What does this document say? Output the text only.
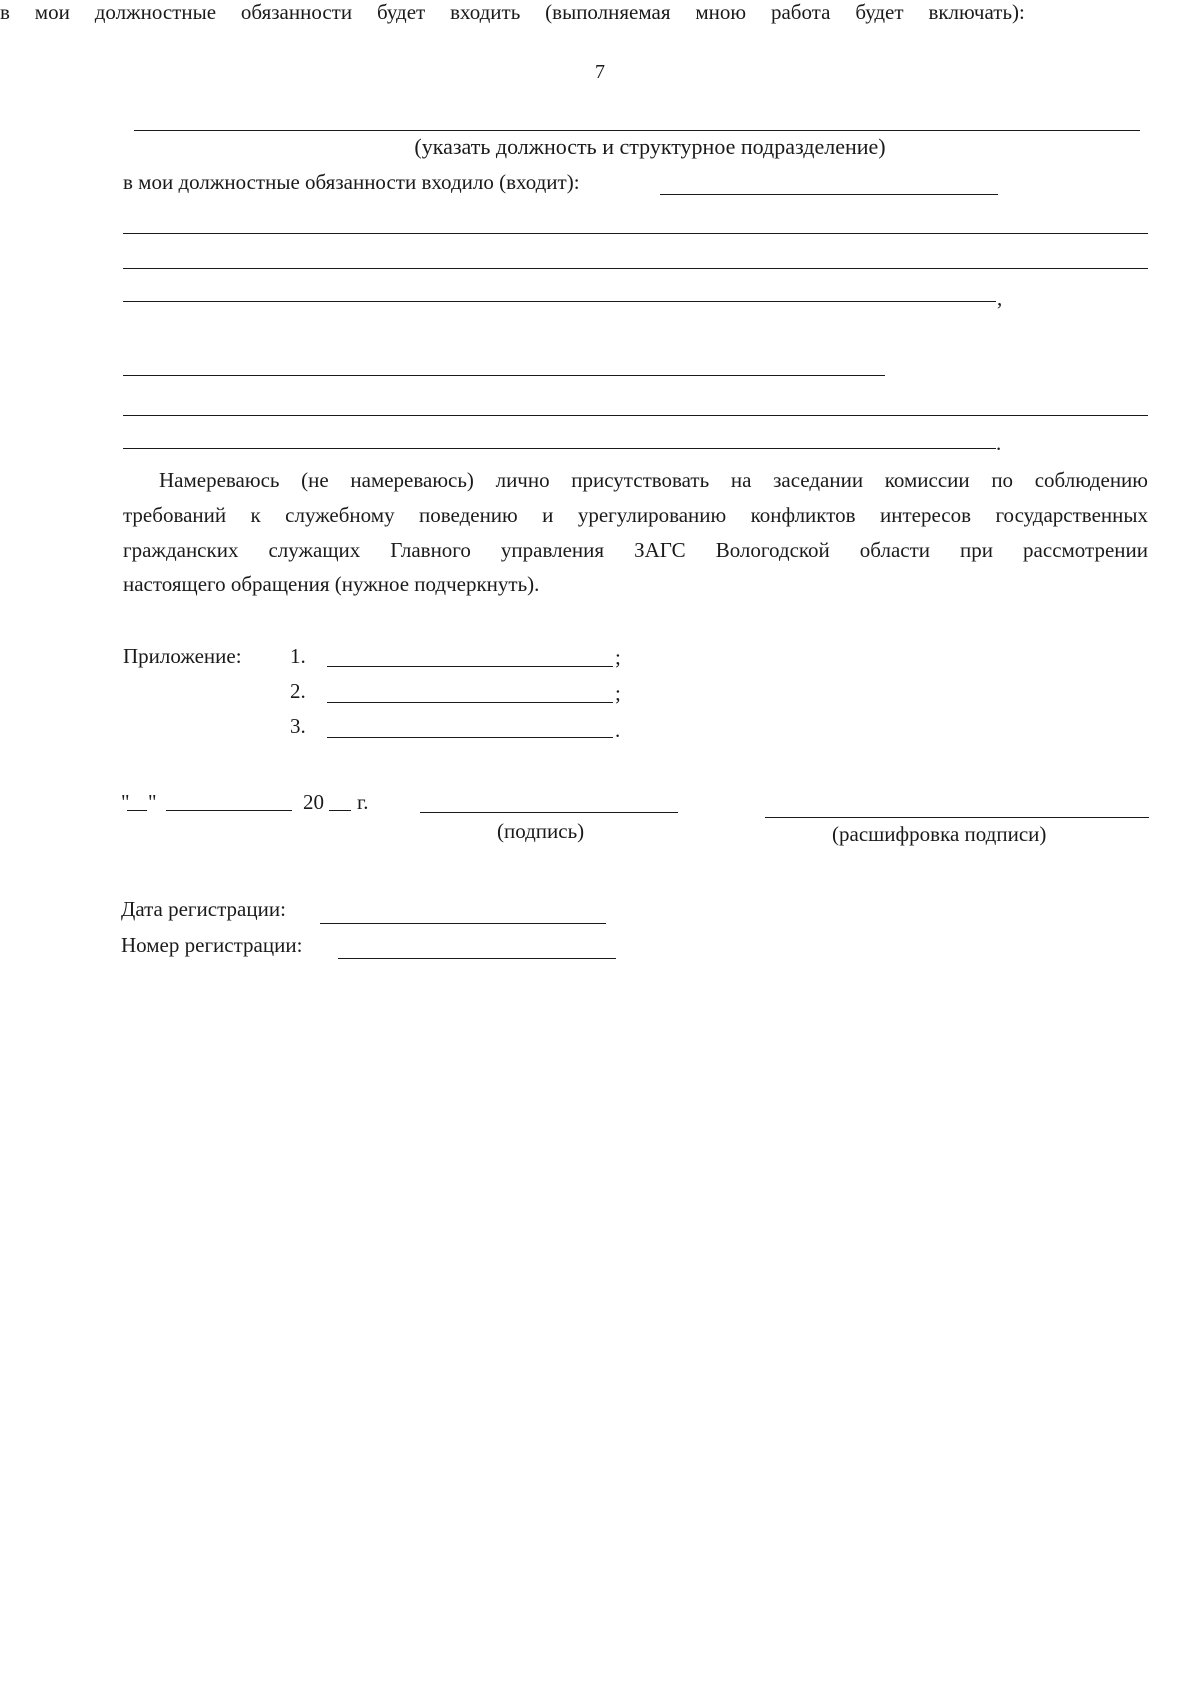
7
(указать должность и структурное подразделение)
в мои должностные обязанности входило (входит):
,
в мои должностные обязанности будет входить (выполняемая мною работа будет включать):
.
Намереваюсь (не намереваюсь) лично присутствовать на заседании комиссии по соблюдению
требований к служебному поведению и урегулированию конфликтов интересов государственных
гражданских служащих Главного управления ЗАГС Вологодской области при рассмотрении
настоящего обращения (нужное подчеркнуть).
Приложение: 1.	;
2.	;
3.	.
" "	20 г.
(подпись)	(расшифровка подписи)
Дата регистрации:
Номер регистрации:
